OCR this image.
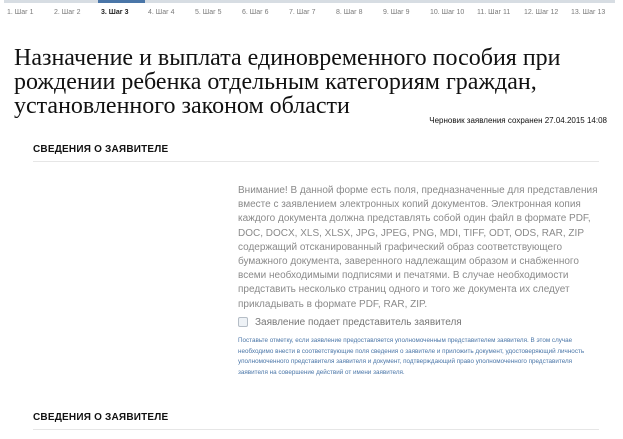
1. Шаг 1	2. Шаг 2	3. Шаг 3	4. Шаг 4	5. Шаг 5	6. Шаг 6	7. Шаг 7	8. Шаг 8	9. Шаг 9	10. Шаг 10	11. Шаг 11	12. Шаг 12	13. Шаг 13
Назначение и выплата единовременного пособия при рождении ребенка отдельным категориям граждан, установленного законом области
Черновик заявления сохранен 27.04.2015 14:08
СВЕДЕНИЯ О ЗАЯВИТЕЛЕ
Внимание! В данной форме есть поля, предназначенные для представления вместе с заявлением электронных копий документов. Электронная копия каждого документа должна представлять собой один файл в формате PDF, DOC, DOCX, XLS, XLSX, JPG, JPEG, PNG, MDI, TIFF, ODT, ODS, RAR, ZIP содержащий отсканированный графический образ соответствующего бумажного документа, заверенного надлежащим образом и снабженного всеми необходимыми подписями и печатями. В случае необходимости представить несколько страниц одного и того же документа их следует прикладывать в формате PDF, RAR, ZIP.
Заявление подает представитель заявителя
Поставьте отметку, если заявление предоставляется уполномоченным представителем заявителя. В этом случае необходимо внести в соответствующие поля сведения о заявителе и приложить документ, удостоверяющий личность уполномоченного представителя заявителя и документ, подтверждающий право уполномоченного представителя заявителя на совершение действий от имени заявителя.
СВЕДЕНИЯ О ЗАЯВИТЕЛЕ
